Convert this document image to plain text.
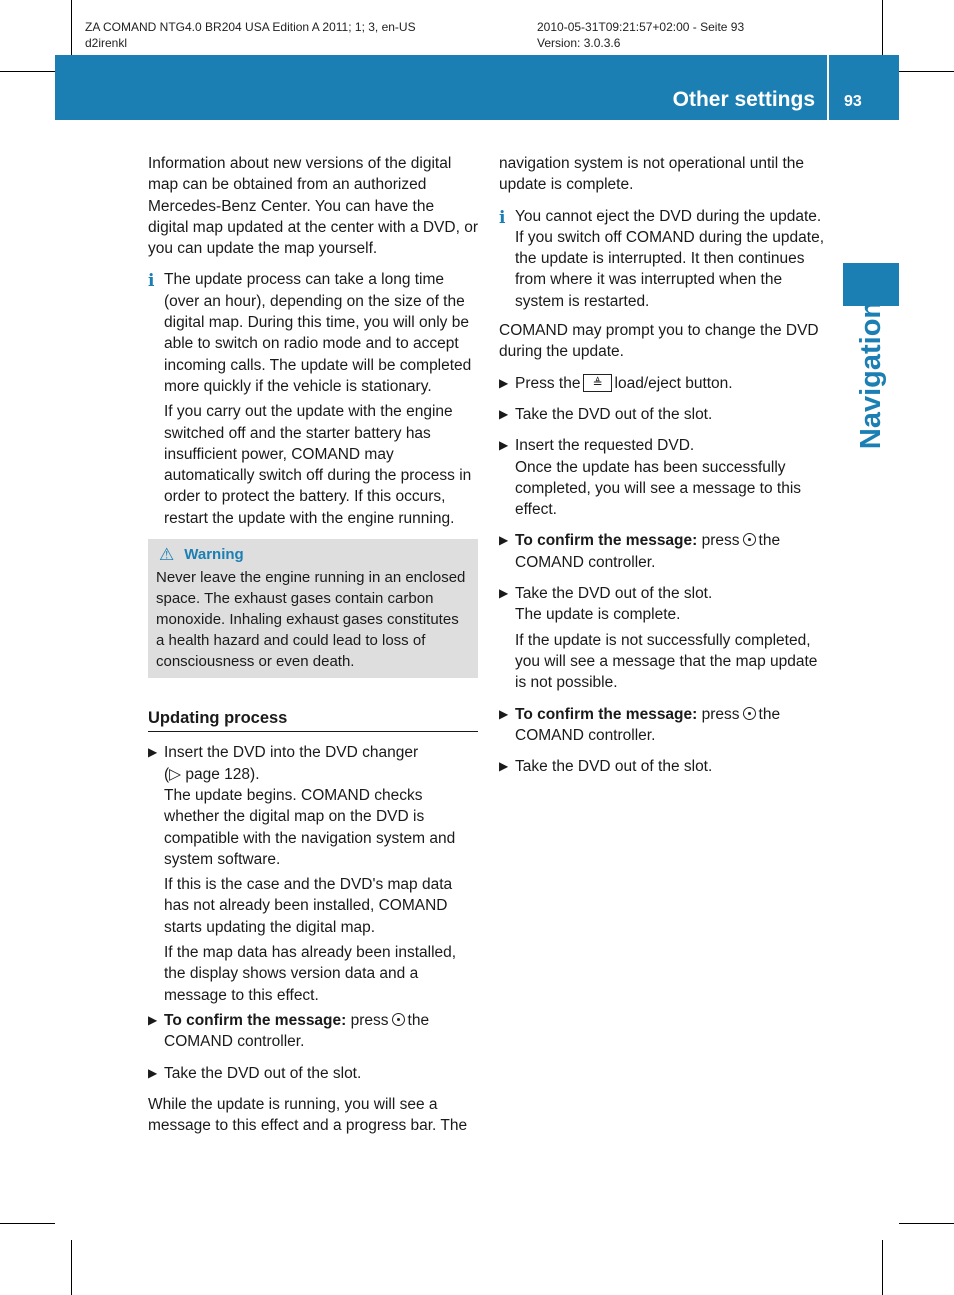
ZA COMAND NTG4.0 BR204 USA Edition A 2011; 1; 3, en-US
d2irenkl
2010-05-31T09:21:57+02:00 - Seite 93
Version: 3.0.3.6
Other settings 93
Navigation

Information about new versions of the digital map can be obtained from an authorized Mercedes-Benz Center. You can have the digital map updated at the center with a DVD, or you can update the map yourself.

i The update process can take a long time (over an hour), depending on the size of the digital map. During this time, you will only be able to switch on radio mode and to accept incoming calls. The update will be completed more quickly if the vehicle is stationary.
If you carry out the update with the engine switched off and the starter battery has insufficient power, COMAND may automatically switch off during the process in order to protect the battery. If this occurs, restart the update with the engine running.
⚠ Warning
Never leave the engine running in an enclosed space. The exhaust gases contain carbon monoxide. Inhaling exhaust gases constitutes a health hazard and could lead to loss of consciousness or even death.
Updating process
▶ Insert the DVD into the DVD changer
(▷ page 128).
The update begins. COMAND checks whether the digital map on the DVD is compatible with the navigation system and system software.
If this is the case and the DVD's map data has not already been installed, COMAND starts updating the digital map.
If the map data has already been installed, the display shows version data and a message to this effect.
▶ To confirm the message: press the COMAND controller.
▶ Take the DVD out of the slot.

While the update is running, you will see a message to this effect and a progress bar. The

navigation system is not operational until the update is complete.

i You cannot eject the DVD during the update. If you switch off COMAND during the update, the update is interrupted. It then continues from where it was interrupted when the system is restarted.

COMAND may prompt you to change the DVD during the update.

▶ Press the ≜ load/eject button.
▶ Take the DVD out of the slot.
▶ Insert the requested DVD.
Once the update has been successfully completed, you will see a message to this effect.
▶ To confirm the message: press the COMAND controller.
▶ Take the DVD out of the slot.
The update is complete.
If the update is not successfully completed, you will see a message that the map update is not possible.
▶ To confirm the message: press the COMAND controller.
▶ Take the DVD out of the slot.
